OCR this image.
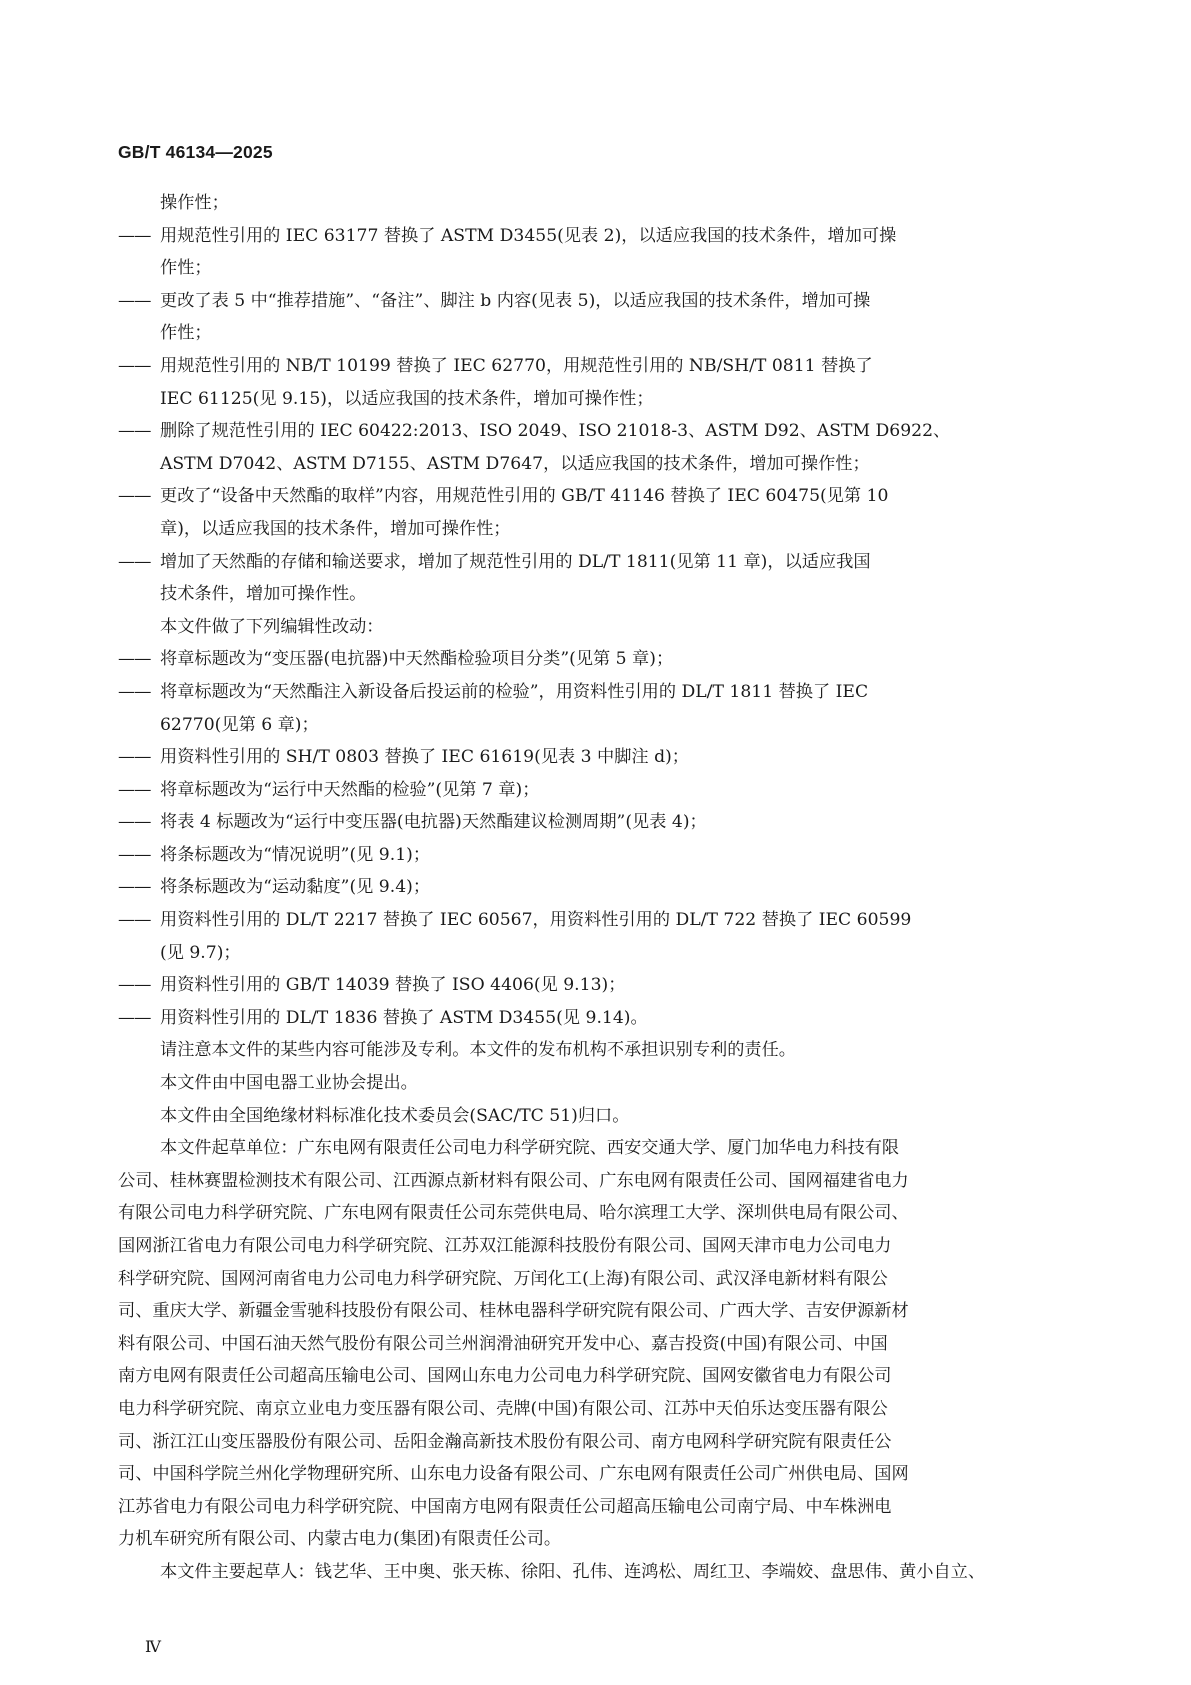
GB/T 46134—2025
操作性；
—— 用规范性引用的 IEC 63177 替换了 ASTM D3455(见表 2)，以适应我国的技术条件，增加可操
作性；
—— 更改了表 5 中“推荐措施”、“备注”、脚注 b 内容(见表 5)，以适应我国的技术条件，增加可操
作性；
—— 用规范性引用的 NB/T 10199 替换了 IEC 62770，用规范性引用的 NB/SH/T 0811 替换了
IEC 61125(见 9.15)，以适应我国的技术条件，增加可操作性；
—— 删除了规范性引用的 IEC 60422:2013、ISO 2049、ISO 21018-3、ASTM D92、ASTM D6922、
ASTM D7042、ASTM D7155、ASTM D7647，以适应我国的技术条件，增加可操作性；
—— 更改了“设备中天然酯的取样”内容，用规范性引用的 GB/T 41146 替换了 IEC 60475(见第 10
章)，以适应我国的技术条件，增加可操作性；
—— 增加了天然酯的存储和输送要求，增加了规范性引用的 DL/T 1811(见第 11 章)，以适应我国
技术条件，增加可操作性。
本文件做了下列编辑性改动：
—— 将章标题改为“变压器(电抗器)中天然酯检验项目分类”(见第 5 章)；
—— 将章标题改为“天然酯注入新设备后投运前的检验”，用资料性引用的 DL/T 1811 替换了 IEC
62770(见第 6 章)；
—— 用资料性引用的 SH/T 0803 替换了 IEC 61619(见表 3 中脚注 d)；
—— 将章标题改为“运行中天然酯的检验”(见第 7 章)；
—— 将表 4 标题改为“运行中变压器(电抗器)天然酯建议检测周期”(见表 4)；
—— 将条标题改为“情况说明”(见 9.1)；
—— 将条标题改为“运动黏度”(见 9.4)；
—— 用资料性引用的 DL/T 2217 替换了 IEC 60567，用资料性引用的 DL/T 722 替换了 IEC 60599
(见 9.7)；
—— 用资料性引用的 GB/T 14039 替换了 ISO 4406(见 9.13)；
—— 用资料性引用的 DL/T 1836 替换了 ASTM D3455(见 9.14)。
请注意本文件的某些内容可能涉及专利。本文件的发布机构不承担识别专利的责任。
本文件由中国电器工业协会提出。
本文件由全国绝缘材料标准化技术委员会(SAC/TC 51)归口。
本文件起草单位：广东电网有限责任公司电力科学研究院、西安交通大学、厦门加华电力科技有限
公司、桂林赛盟检测技术有限公司、江西源点新材料有限公司、广东电网有限责任公司、国网福建省电力
有限公司电力科学研究院、广东电网有限责任公司东莞供电局、哈尔滨理工大学、深圳供电局有限公司、
国网浙江省电力有限公司电力科学研究院、江苏双江能源科技股份有限公司、国网天津市电力公司电力
科学研究院、国网河南省电力公司电力科学研究院、万闰化工(上海)有限公司、武汉泽电新材料有限公
司、重庆大学、新疆金雪驰科技股份有限公司、桂林电器科学研究院有限公司、广西大学、吉安伊源新材
料有限公司、中国石油天然气股份有限公司兰州润滑油研究开发中心、嘉吉投资(中国)有限公司、中国
南方电网有限责任公司超高压输电公司、国网山东电力公司电力科学研究院、国网安徽省电力有限公司
电力科学研究院、南京立业电力变压器有限公司、壳牌(中国)有限公司、江苏中天伯乐达变压器有限公
司、浙江江山变压器股份有限公司、岳阳金瀚高新技术股份有限公司、南方电网科学研究院有限责任公
司、中国科学院兰州化学物理研究所、山东电力设备有限公司、广东电网有限责任公司广州供电局、国网
江苏省电力有限公司电力科学研究院、中国南方电网有限责任公司超高压输电公司南宁局、中车株洲电
力机车研究所有限公司、内蒙古电力(集团)有限责任公司。
本文件主要起草人：钱艺华、王中奥、张天栋、徐阳、孔伟、连鸿松、周红卫、李端姣、盘思伟、黄小自立、
Ⅳ
